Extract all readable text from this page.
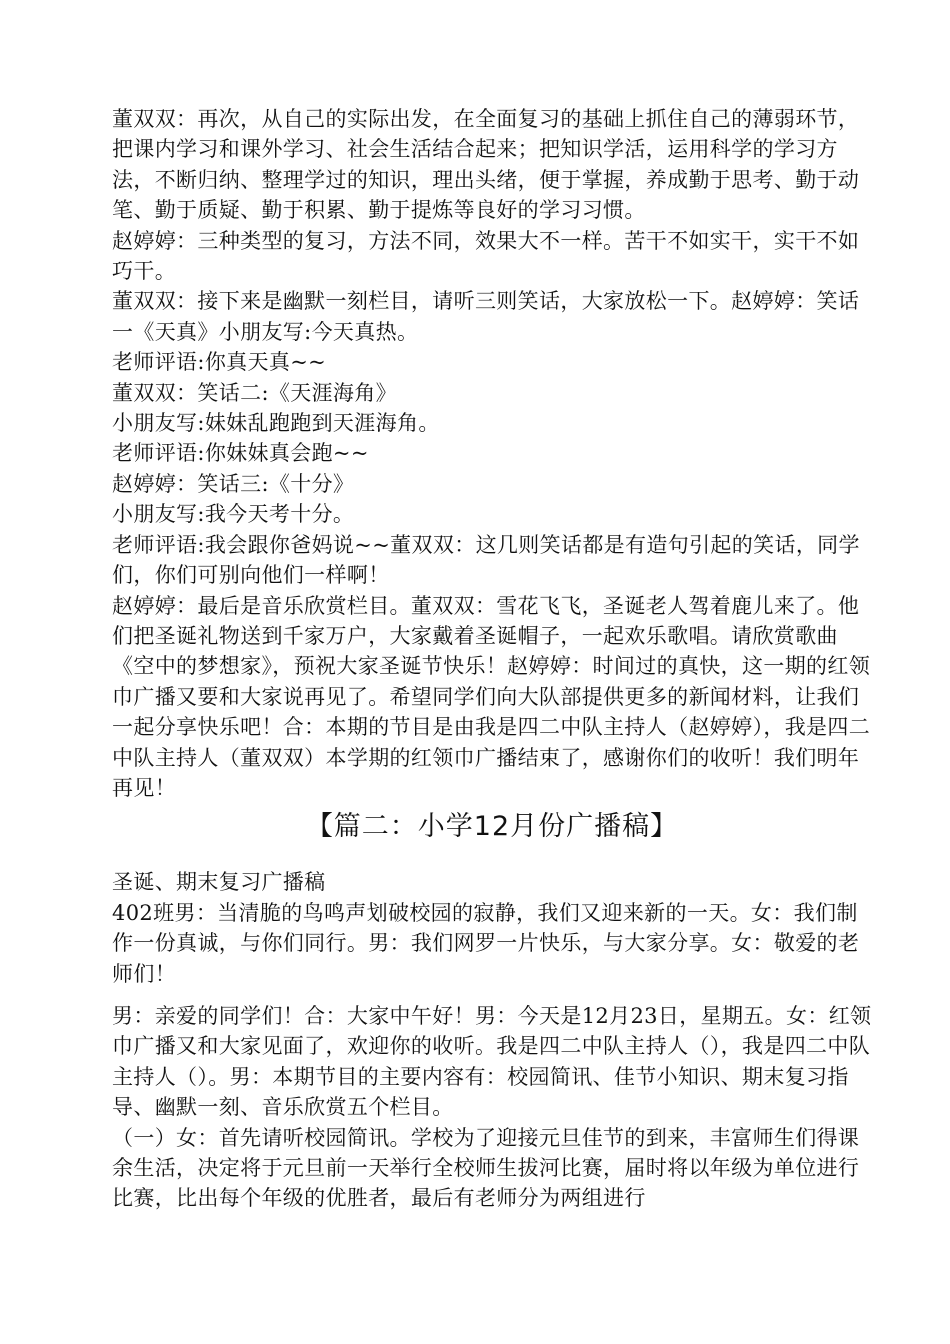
董双双：再次，从自己的实际出发，在全面复习的基础上抓住自己的薄弱环节，把课内学习和课外学习、社会生活结合起来；把知识学活，运用科学的学习方法，不断归纳、整理学过的知识，理出头绪，便于掌握，养成勤于思考、勤于动笔、勤于质疑、勤于积累、勤于提炼等良好的学习习惯。

赵婷婷：三种类型的复习，方法不同，效果大不一样。苦干不如实干，实干不如巧干。

董双双：接下来是幽默一刻栏目，请听三则笑话，大家放松一下。赵婷婷：笑话一《天真》小朋友写:今天真热。

老师评语:你真天真~~

董双双：笑话二:《天涯海角》

小朋友写:妹妹乱跑跑到天涯海角。

老师评语:你妹妹真会跑~~

赵婷婷：笑话三:《十分》

小朋友写:我今天考十分。

老师评语:我会跟你爸妈说~~董双双：这几则笑话都是有造句引起的笑话，同学们，你们可别向他们一样啊！

赵婷婷：最后是音乐欣赏栏目。董双双：雪花飞飞，圣诞老人驾着鹿儿来了。他们把圣诞礼物送到千家万户，大家戴着圣诞帽子，一起欢乐歌唱。请欣赏歌曲《空中的梦想家》，预祝大家圣诞节快乐！赵婷婷：时间过的真快，这一期的红领巾广播又要和大家说再见了。希望同学们向大队部提供更多的新闻材料，让我们一起分享快乐吧！合：本期的节目是由我是四二中队主持人（赵婷婷），我是四二中队主持人（董双双）本学期的红领巾广播结束了，感谢你们的收听！我们明年再见！

【篇二：小学12月份广播稿】

圣诞、期末复习广播稿

402班男：当清脆的鸟鸣声划破校园的寂静，我们又迎来新的一天。女：我们制作一份真诚，与你们同行。男：我们网罗一片快乐，与大家分享。女：敬爱的老师们！

男：亲爱的同学们！合：大家中午好！男：今天是12月23日，星期五。女：红领巾广播又和大家见面了，欢迎你的收听。我是四二中队主持人（），我是四二中队主持人（）。男：本期节目的主要内容有：校园简讯、佳节小知识、期末复习指导、幽默一刻、音乐欣赏五个栏目。

（一）女：首先请听校园简讯。学校为了迎接元旦佳节的到来，丰富师生们得课余生活，决定将于元旦前一天举行全校师生拔河比赛，届时将以年级为单位进行比赛，比出每个年级的优胜者，最后有老师分为两组进行
